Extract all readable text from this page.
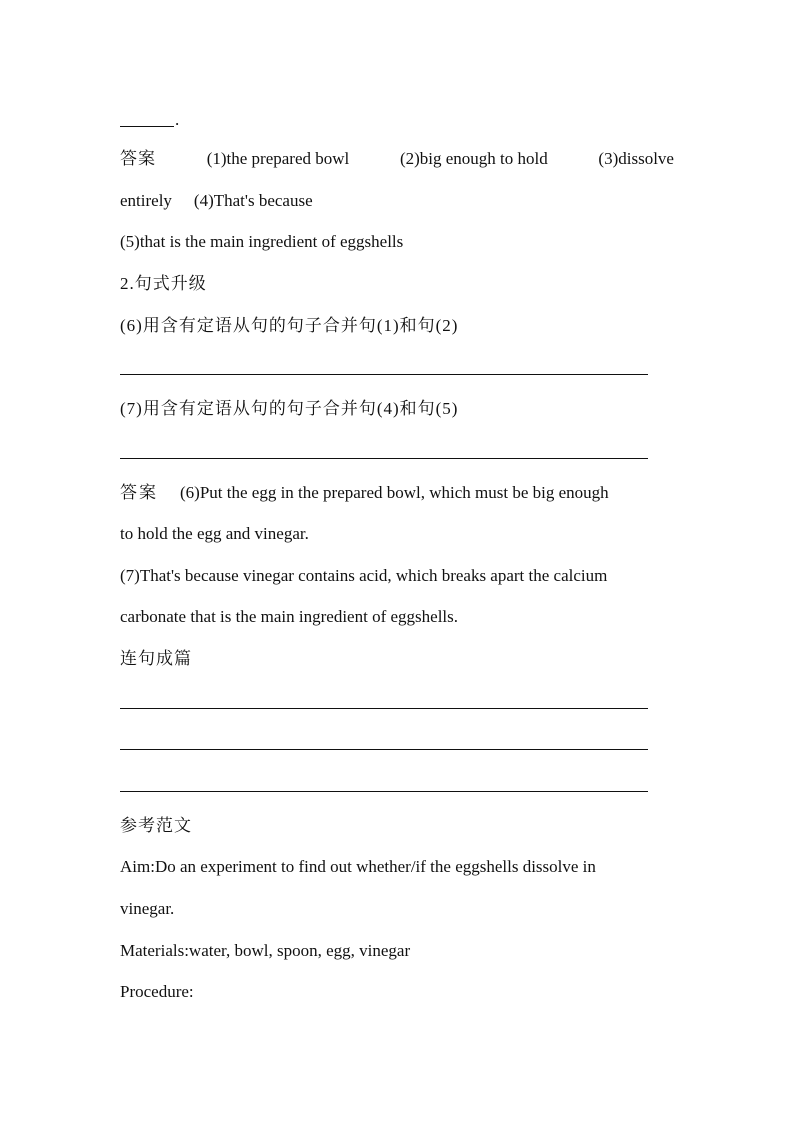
.
答案	(1)the prepared bowl	(2)big enough to hold	(3)dissolve
entirely (4)That's because
(5)that is the main ingredient of eggshells
2.句式升级
(6)用含有定语从句的句子合并句(1)和句(2)
(7)用含有定语从句的句子合并句(4)和句(5)
答案 (6)Put the egg in the prepared bowl, which must be big enough
to hold the egg and vinegar.
(7)That's because vinegar contains acid, which breaks apart the calcium
carbonate that is the main ingredient of eggshells.
连句成篇
参考范文
Aim:Do an experiment to find out whether/if the eggshells dissolve in
vinegar.
Materials:water, bowl, spoon, egg, vinegar
Procedure:
